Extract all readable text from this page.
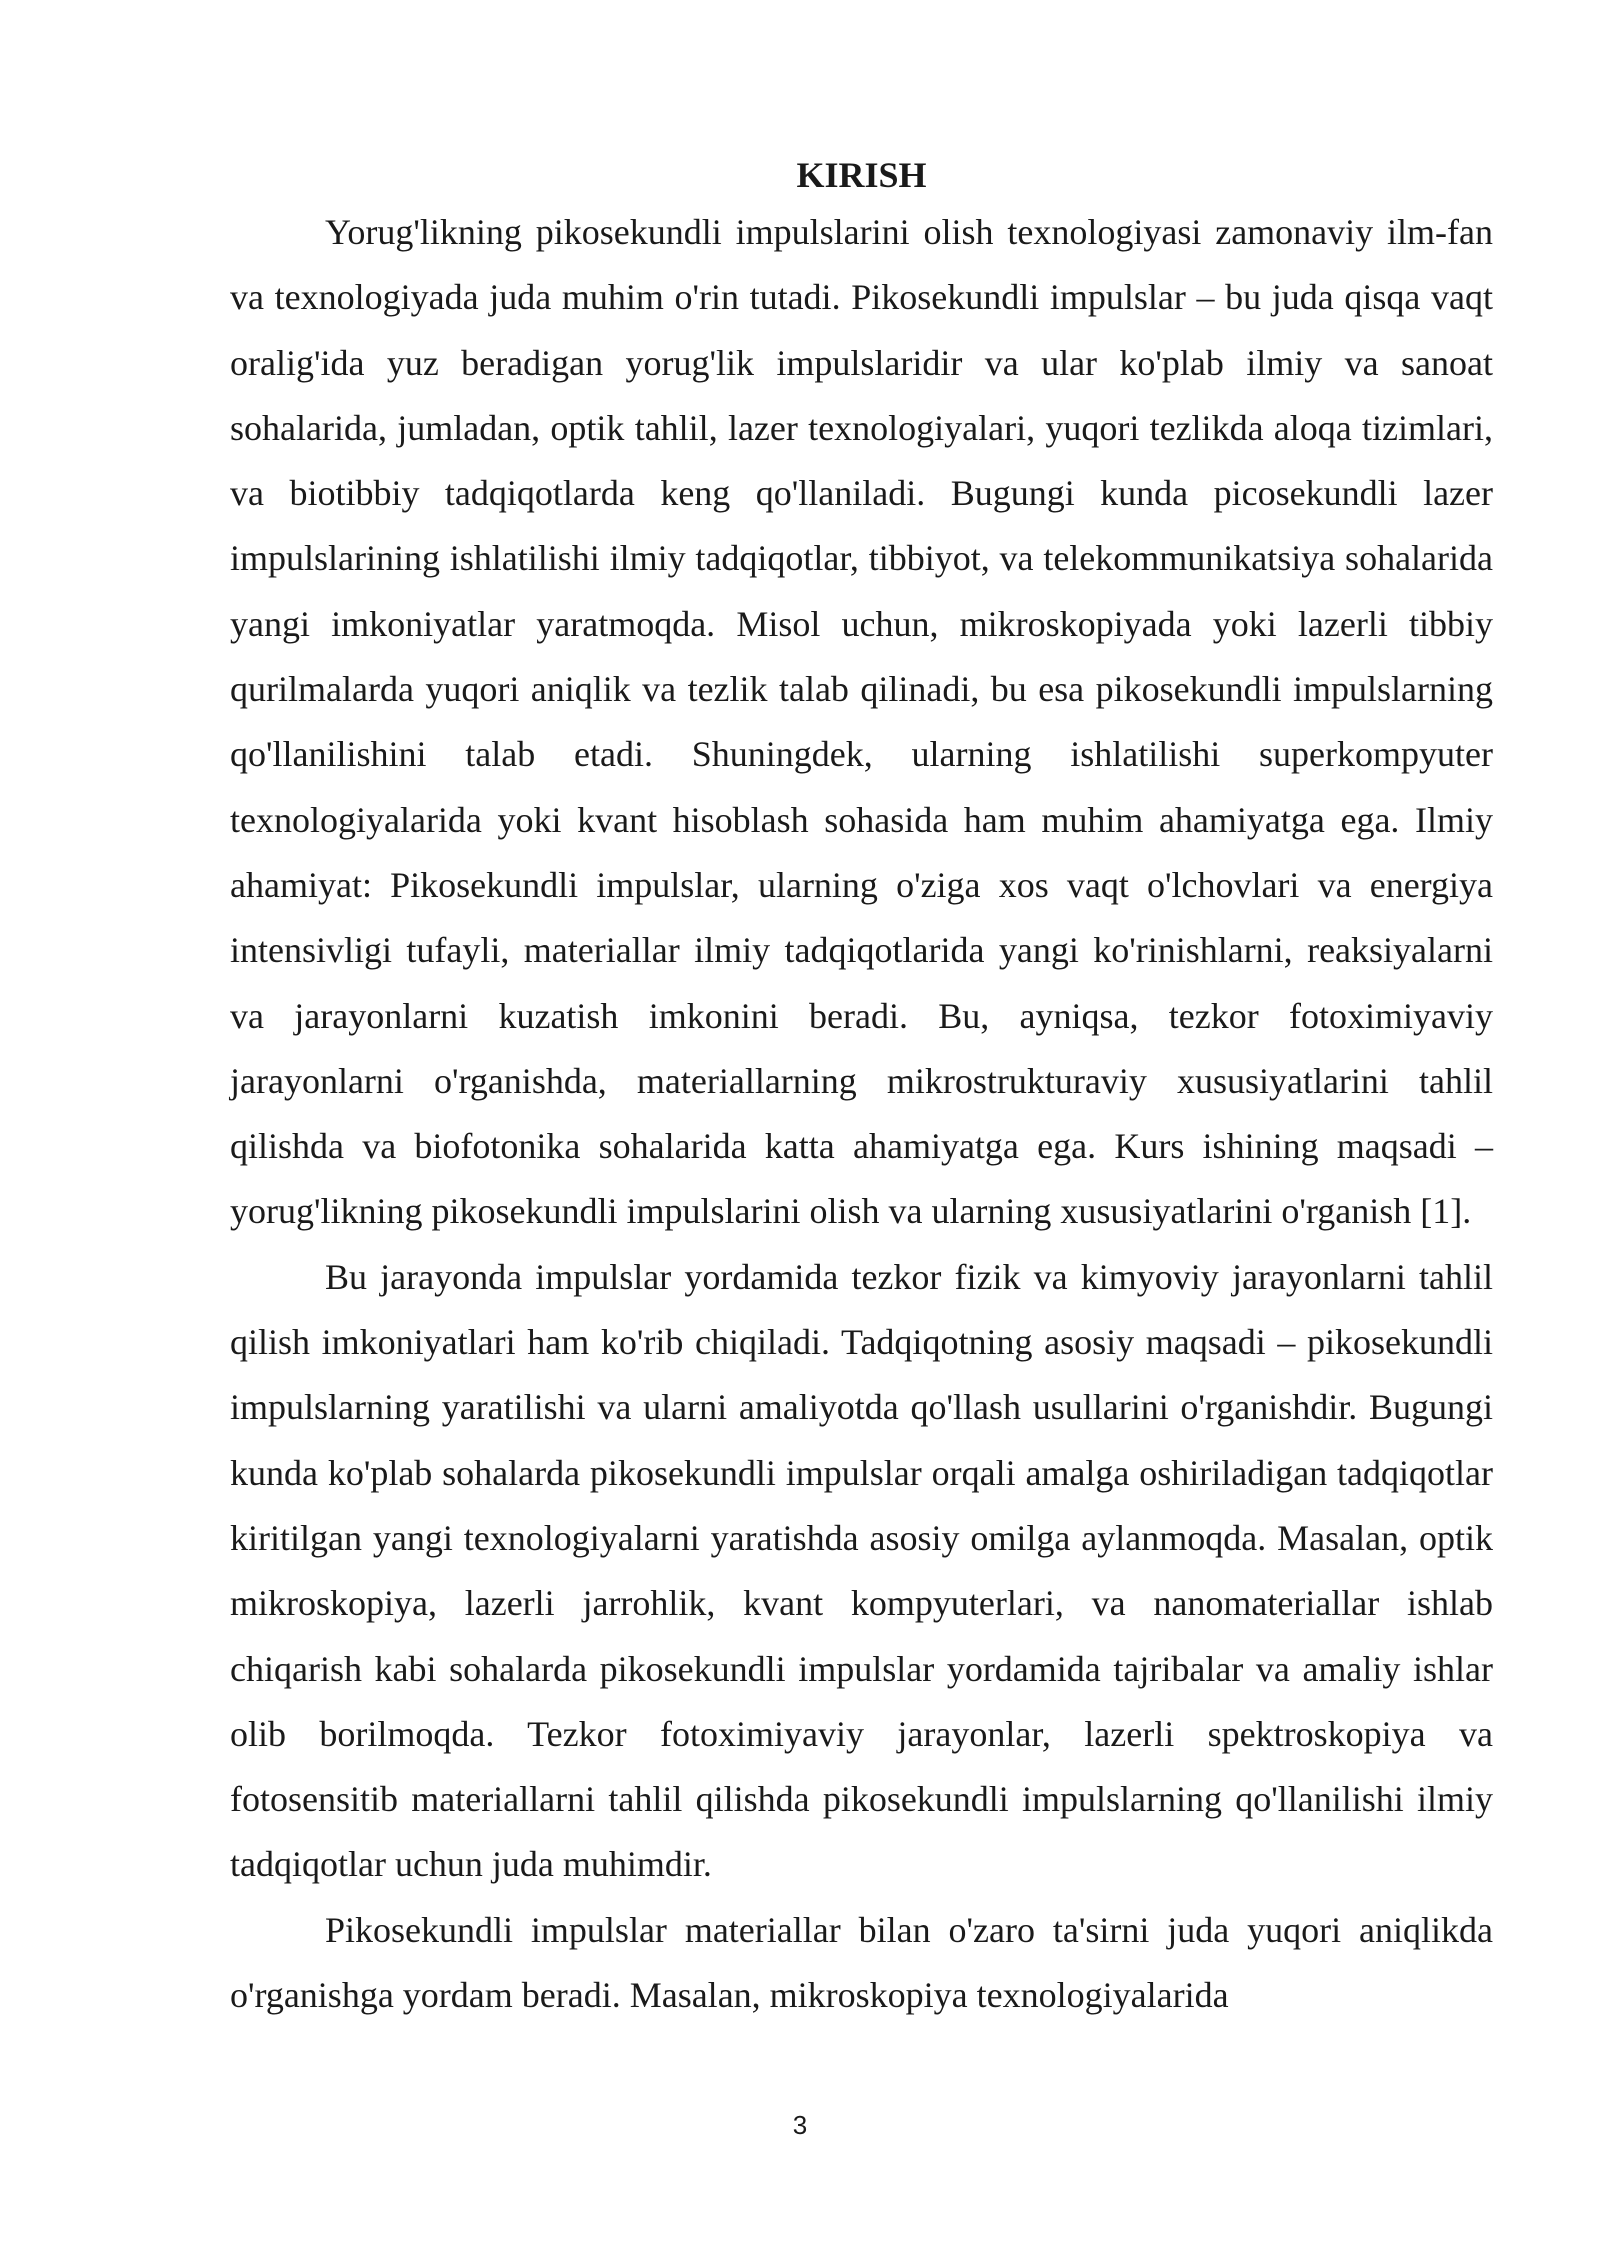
KIRISH

Yorug'likning pikosekundli impulslarini olish texnologiyasi zamonaviy ilm-fan va texnologiyada juda muhim o'rin tutadi. Pikosekundli impulslar – bu juda qisqa vaqt oralig'ida yuz beradigan yorug'lik impulslaridir va ular ko'plab ilmiy va sanoat sohalarida, jumladan, optik tahlil, lazer texnologiyalari, yuqori tezlikda aloqa tizimlari, va biotibbiy tadqiqotlarda keng qo'llaniladi. Bugungi kunda picosekundli lazer impulslarining ishlatilishi ilmiy tadqiqotlar, tibbiyot, va telekommunikatsiya sohalarida yangi imkoniyatlar yaratmoqda. Misol uchun, mikroskopiyada yoki lazerli tibbiy qurilmalarda yuqori aniqlik va tezlik talab qilinadi, bu esa pikosekundli impulslarning qo'llanilishini talab etadi. Shuningdek, ularning ishlatilishi superkompyuter texnologiyalarida yoki kvant hisoblash sohasida ham muhim ahamiyatga ega. Ilmiy ahamiyat: Pikosekundli impulslar, ularning o'ziga xos vaqt o'lchovlari va energiya intensivligi tufayli, materiallar ilmiy tadqiqotlarida yangi ko'rinishlarni, reaksiyalarni va jarayonlarni kuzatish imkonini beradi. Bu, ayniqsa, tezkor fotoximiyaviy jarayonlarni o'rganishda, materiallarning mikrostrukturaviy xususiyatlarini tahlil qilishda va biofotonika sohalarida katta ahamiyatga ega. Kurs ishining maqsadi – yorug'likning pikosekundli impulslarini olish va ularning xususiyatlarini o'rganish [1].

Bu jarayonda impulslar yordamida tezkor fizik va kimyoviy jarayonlarni tahlil qilish imkoniyatlari ham ko'rib chiqiladi. Tadqiqotning asosiy maqsadi – pikosekundli impulslarning yaratilishi va ularni amaliyotda qo'llash usullarini o'rganishdir. Bugungi kunda ko'plab sohalarda pikosekundli impulslar orqali amalga oshiriladigan tadqiqotlar kiritilgan yangi texnologiyalarni yaratishda asosiy omilga aylanmoqda. Masalan, optik mikroskopiya, lazerli jarrohlik, kvant kompyuterlari, va nanomateriallar ishlab chiqarish kabi sohalarda pikosekundli impulslar yordamida tajribalar va amaliy ishlar olib borilmoqda. Tezkor fotoximiyaviy jarayonlar, lazerli spektroskopiya va fotosensitib materiallarni tahlil qilishda pikosekundli impulslarning qo'llanilishi ilmiy tadqiqotlar uchun juda muhimdir.

Pikosekundli impulslar materiallar bilan o'zaro ta'sirni juda yuqori aniqlikda o'rganishga yordam beradi. Masalan, mikroskopiya texnologiyalarida

3
